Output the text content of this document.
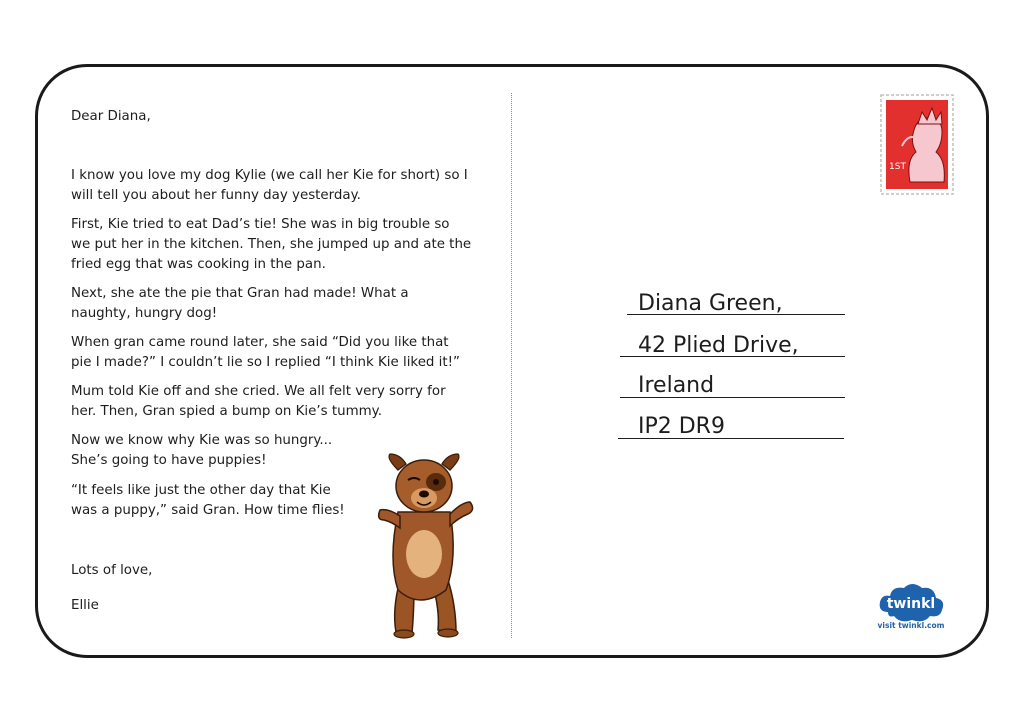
Dear Diana,

I know you love my dog Kylie (we call her Kie for short) so I

will tell you about her funny day yesterday.

First, Kie tried to eat Dad’s tie! She was in big trouble so

we put her in the kitchen. Then, she jumped up and ate the

fried egg that was cooking in the pan.

Next, she ate the pie that Gran had made! What a

naughty, hungry dog!

When gran came round later, she said “Did you like that

pie I made?” I couldn’t lie so I replied “I think Kie liked it!”

Mum told Kie off and she cried. We all felt very sorry for

her. Then, Gran spied a bump on Kie’s tummy.

Now we know why Kie was so hungry...

She’s going to have puppies!

“It feels like just the other day that Kie

was a puppy,” said Gran. How time flies!

Lots of love,

Ellie

1ST
Diana Green,
42 Plied Drive,
Ireland
IP2 DR9
twinkl
visit twinkl.com
